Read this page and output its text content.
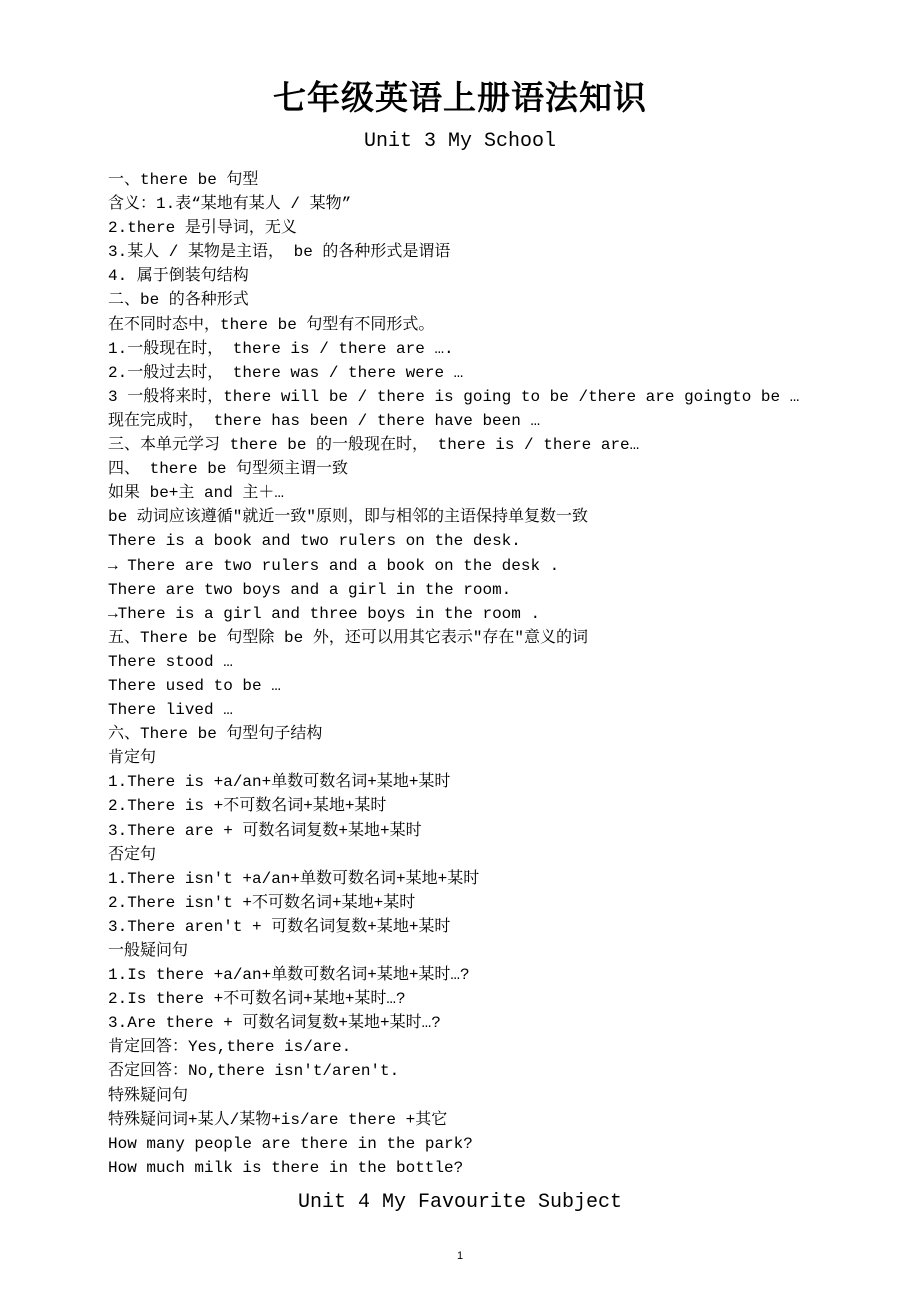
七年级英语上册语法知识
Unit 3 My School
一、there be 句型
含义：1.表“某地有某人 / 某物”
2.there 是引导词，无义
3.某人 / 某物是主语， be 的各种形式是谓语
4. 属于倒装句结构
二、be 的各种形式
在不同时态中，there be 句型有不同形式。
1.一般现在时， there is / there are ….
2.一般过去时， there was / there were …
3 一般将来时，there will be / there is going to be /there are goingto be …
现在完成时， there has been / there have been …
三、本单元学习 there be 的一般现在时， there is / there are…
四、 there be 句型须主谓一致
如果 be+主 and 主＋…
be 动词应该遵循"就近一致"原则，即与相邻的主语保持单复数一致
There is a book and two rulers on the desk.
→ There are two rulers and a book on the desk .
There are two boys and a girl in the room.
→There is a girl and three boys in the room .
五、There be 句型除 be 外，还可以用其它表示"存在"意义的词
There stood …
There used to be …
There lived …
六、There be 句型句子结构
肯定句
1.There is +a/an+单数可数名词+某地+某时
2.There is +不可数名词+某地+某时
3.There are + 可数名词复数+某地+某时
否定句
1.There isn't +a/an+单数可数名词+某地+某时
2.There isn't +不可数名词+某地+某时
3.There aren't + 可数名词复数+某地+某时
一般疑问句
1.Is there +a/an+单数可数名词+某地+某时…?
2.Is there +不可数名词+某地+某时…?
3.Are there + 可数名词复数+某地+某时…?
肯定回答：Yes,there is/are.
否定回答：No,there isn't/aren't.
特殊疑问句
特殊疑问词+某人/某物+is/are there +其它
How many people are there in the park?
How much milk is there in the bottle?
Unit 4 My Favourite Subject
1
